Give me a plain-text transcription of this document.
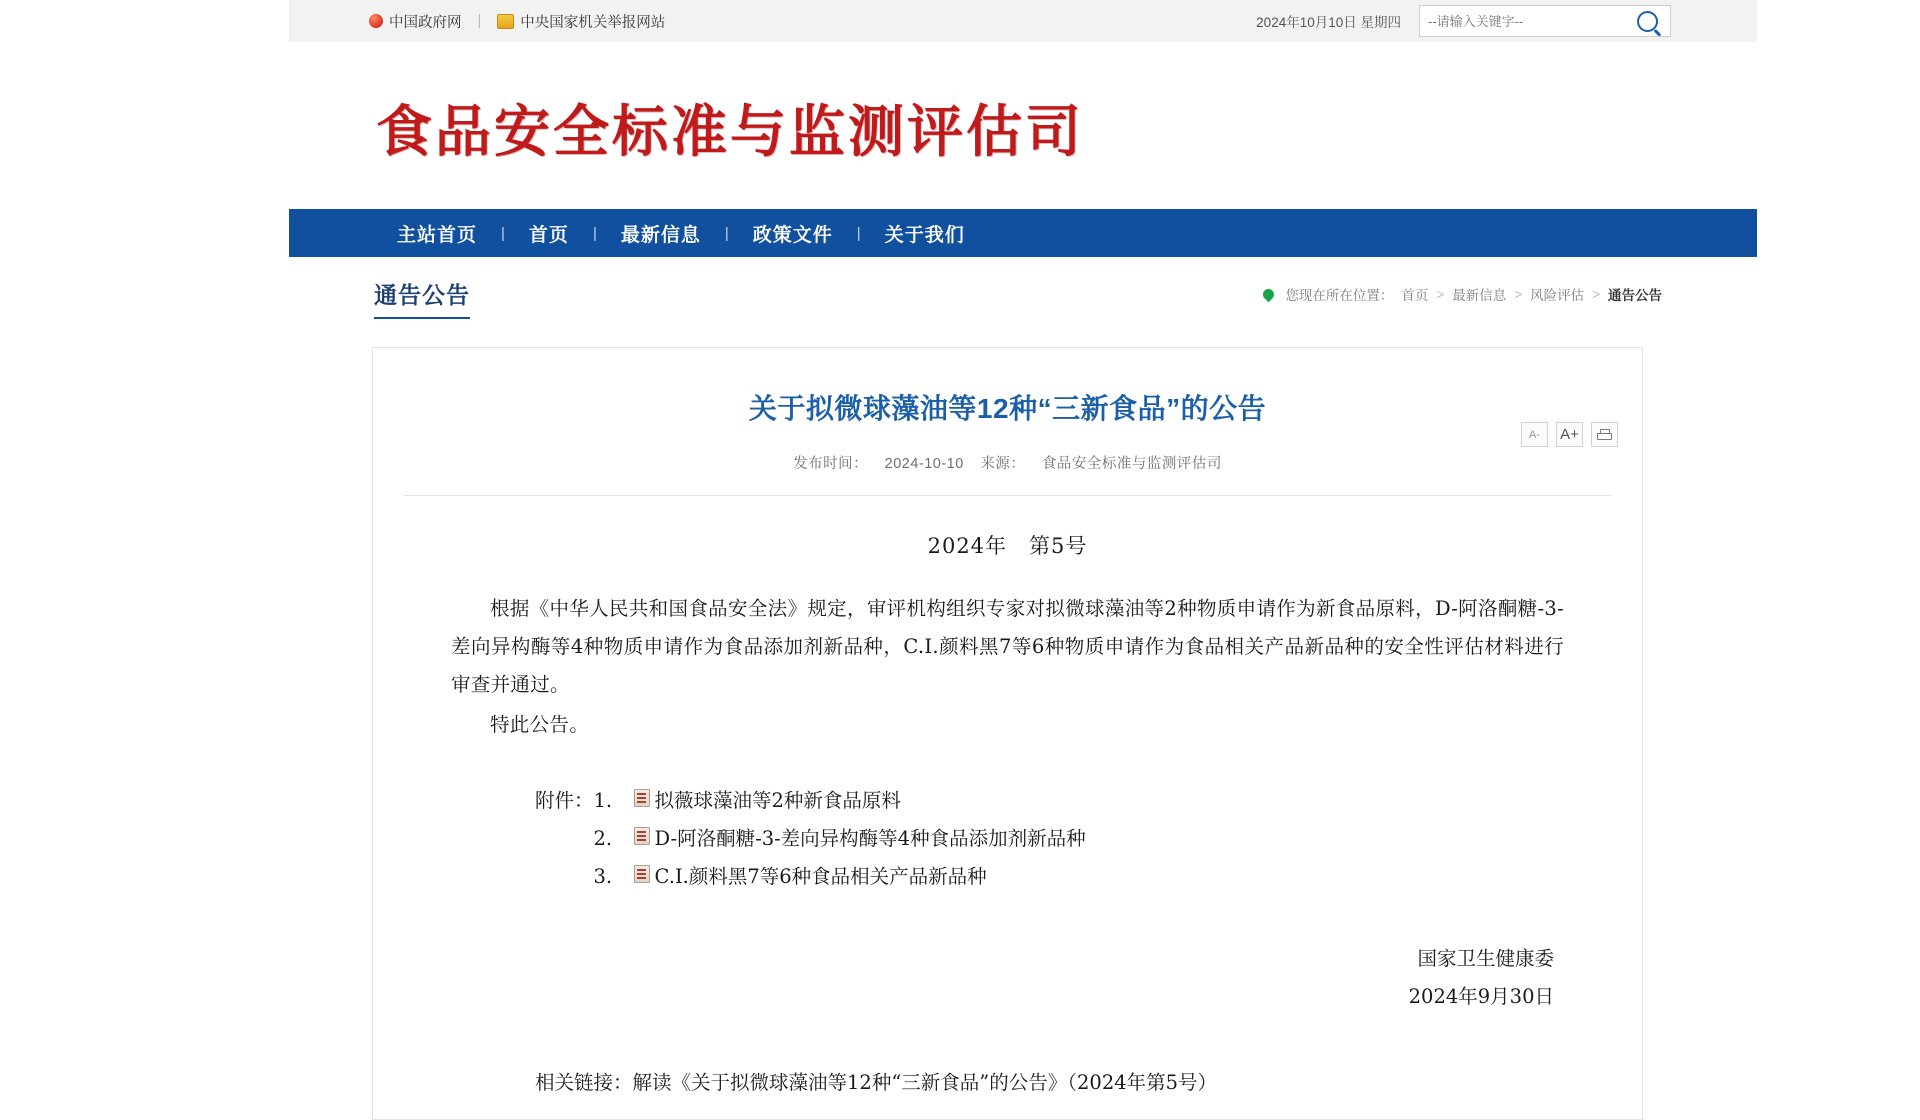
中国政府网 |	中央国家机关举报网站	2024年10月10日 星期四
--请输入关键字--
食品安全标准与监测评估司
主站首页	|	首页	|	最新信息	|	政策文件	|	关于我们
通告公告	您现在所在位置： 首页 > 最新信息 > 风险评估 > 通告公告
关于拟微球藻油等12种“三新食品”的公告
发布时间： 2024-10-10 来源： 食品安全标准与监测评估司
A-	A+
2024年　第5号
根据《中华人民共和国食品安全法》规定，审评机构组织专家对拟微球藻油等2种物质申请作为新食品原料，D-阿洛酮糖-3-差向异构酶等4种物质申请作为食品添加剂新品种，C.I.颜料黑7等6种物质申请作为食品相关产品新品种的安全性评估材料进行审查并通过。
特此公告。
附件： 1.	拟薇球藻油等2种新食品原料
2.	D-阿洛酮糖-3-差向异构酶等4种食品添加剂新品种
3.	C.I.颜料黑7等6种食品相关产品新品种
国家卫生健康委
2024年9月30日
相关链接：解读《关于拟微球藻油等12种“三新食品”的公告》（2024年第5号）
